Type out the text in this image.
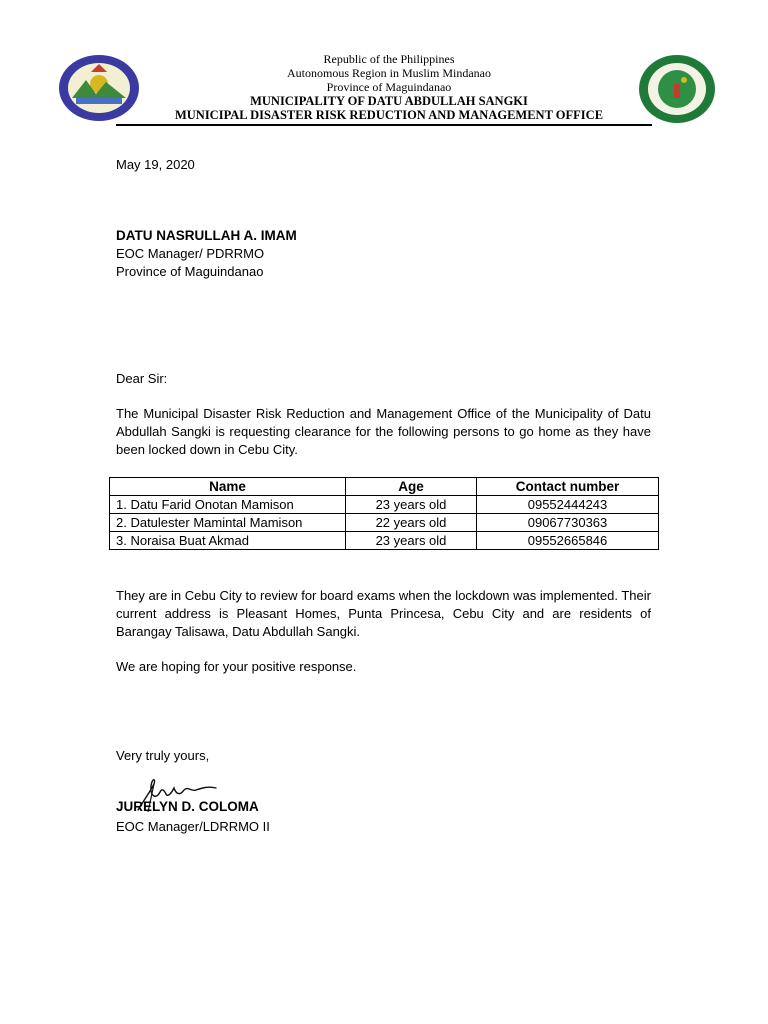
Republic of the Philippines
Autonomous Region in Muslim Mindanao
Province of Maguindanao
MUNICIPALITY OF DATU ABDULLAH SANGKI
MUNICIPAL DISASTER RISK REDUCTION AND MANAGEMENT OFFICE
May 19, 2020
DATU NASRULLAH A. IMAM
EOC Manager/ PDRRMO
Province of Maguindanao
Dear Sir:
The Municipal Disaster Risk Reduction and Management Office of the Municipality of Datu Abdullah Sangki is requesting clearance for the following persons to go home as they have been locked down in Cebu City.
Name	Age	Contact number
1. Datu Farid Onotan Mamison	23 years old	09552444243
2. Datulester Mamintal Mamison	22 years old	09067730363
3. Noraisa Buat Akmad	23 years old	09552665846
They are in Cebu City to review for board exams when the lockdown was implemented. Their current address is Pleasant Homes, Punta Princesa, Cebu City and are residents of Barangay Talisawa, Datu Abdullah Sangki.
We are hoping for your positive response.
Very truly yours,
JURELYN D. COLOMA
EOC Manager/LDRRMO II
